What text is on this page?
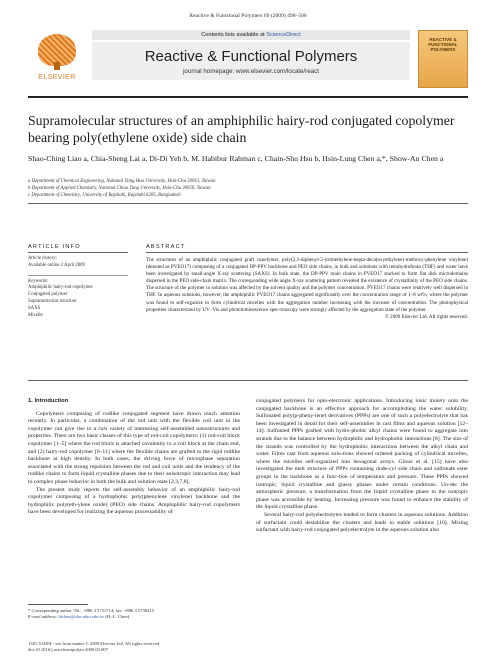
Reactive & Functional Polymers 69 (2009) 498–506
ELSEVIER
Contents lists available at ScienceDirect
Reactive & Functional Polymers
journal homepage: www.elsevier.com/locate/react
REACTIVE & FUNCTIONAL POLYMERS
Supramolecular structures of an amphiphilic hairy-rod conjugated copolymer bearing poly(ethylene oxide) side chain
Shao-Ching Liao a, Chia-Sheng Lai a, Di-Di Yeh b, M. Habibur Rahman c, Chain-Shu Hsu b, Hsin-Lung Chen a,*, Show-An Chen a
a Department of Chemical Engineering, National Tsing Hua University, Hsin-Chu 30013, Taiwan
b Department of Applied Chemistry, National Chiao Tung University, Hsin-Chu 30050, Taiwan
c Department of Chemistry, University of Rajshahi, Rajshahi 6205, Bangladesh
ARTICLE INFO	ABSTRACT
Article history:
Available online 2 April 2009
Keywords:
Amphiphilic hairy-rod copolymer
Conjugated polymer
Supramolecular structure
SAXS
Micelle

The structures of an amphiphilic conjugated graft copolymer, poly(2,3-diphenyl-5-(trimethylene-hepta-deca(oxyethylene)-methoxy-phenylene vinylene) (denoted as PVEO17) composing of a conjugated DP-PPV backbone and PEO side chains, in bulk and solutions with tetrahydrofuran (THF) and water have been investigated by small-angle X-ray scattering (SAXS). In bulk state, the DP-PPV main chains in PVEO17 stacked to form flat disk microdomains dispersed in the PEO side-chain matrix. The corresponding wide angle X-ray scattering pattern revealed the existence of crystallinity of the PEO side chains. The structure of the polymer in solution was affected by the solvent quality and the polymer concentration. PVEO17 chains were relatively well dispersed in THF. In aqueous solutions, however, the amphiphilic PVEO17 chains aggregated significantly over the concentration range of 1–8 wt%, where the polymer was found to self-organize to form cylindrical micelles with the aggregation number increasing with the increase of concentration. The photophysical properties characterized by UV–Vis and photoluminescence spec-troscopy were strongly affected by the aggregation state of the polymer.

© 2009 Elsevier Ltd. All rights reserved.
1. Introduction

Copolymers composing of rodlike conjugated segment have drawn much attention recently. In particular, a combination of the rod unit with the flexible coil unit in the copolymer can give rise to a rich variety of interesting self-assembled nanostructures and properties. There are two basic classes of this type of rod-coil copolymers: (1) rod-coil block copolymer [1–5] where the rod block is attached covalently to a coil block at the chain end, and (2) hairy-rod copolymer [6–11] where the flexible chains are grafted to the rigid rodlike backbone at high density. In both cases, the driving force of microphase separation associated with the strong repulsion between the rod and coil units and the tendency of the rodlike chains to form liquid crystalline phases due to their anisotropic interaction may lead to complex phase behavior in both the bulk and solution state [2,3,7,8].

The present study reports the self-assembly behavior of an amphiphilic hairy-rod copolymer composing of a hydrophobic poly(phenylene vinylene) backbone and the hydrophilic poly(eth-ylene oxide) (PEO) side chains. Amphiphilic hairy-rod copolymers have been developed for realizing the aqueous processability of

conjugated polymers for opto-electronic applications. Introducing ionic moiety onto the conjugated backbone is an effective approach for accomplishing the water solubility. Sulfonated poly(p-pheny-lene) derivatives (PPPs) are one of such a polyelectrolyte that has been investigated in detail for their self-assemblies in cast films and aqueous solution [12–14]. Sulfonted PPPs grafted with hydro-phobic alkyl chains were found to aggregate into strands due to the balance between hydrophilic and hydrophobic interactions [8]. The size of the strands was controlled by the hydrophobic interactions between the alkyl chain and water. Films cast from aqueous solu-tions showed ordered packing of cylindrical micelles, where the micelles self-organized into hexagonal arrays. Gitsas et al. [15] have also investigated the melt structure of PPPs containing dode-cyl side chain and sulfonate ester groups in the backbone as a func-tion of temperature and pressure. These PPPs showed isotropic, liquid crystalline and glassy phases under certain conditions. Un-der the atmospheric pressure, a transformation from the liquid crystalline phase to the isotropic phase was accessible by heating. Increasing pressure was found to enhance the stability of the liquid crystalline phase.

Several hairy-rod polyelectrolytes tended to form clusters in aqueous solutions. Addition of surfactant could destabilize the clusters and leads to stable solutions [16]. Mixing surfactant with hairy-rod conjugated polyelectrolyte in the aqueous solution also

* Corresponding author. Tel.: +886 3 5721714; fax: +886 3 5738415.
E-mail address: hlchen@che.nthu.edu.tw (H.-L. Chen).
1381-5148/$ - see front matter © 2009 Elsevier Ltd. All rights reserved.
doi:10.1016/j.reactfunctpolym.2009.03.007
